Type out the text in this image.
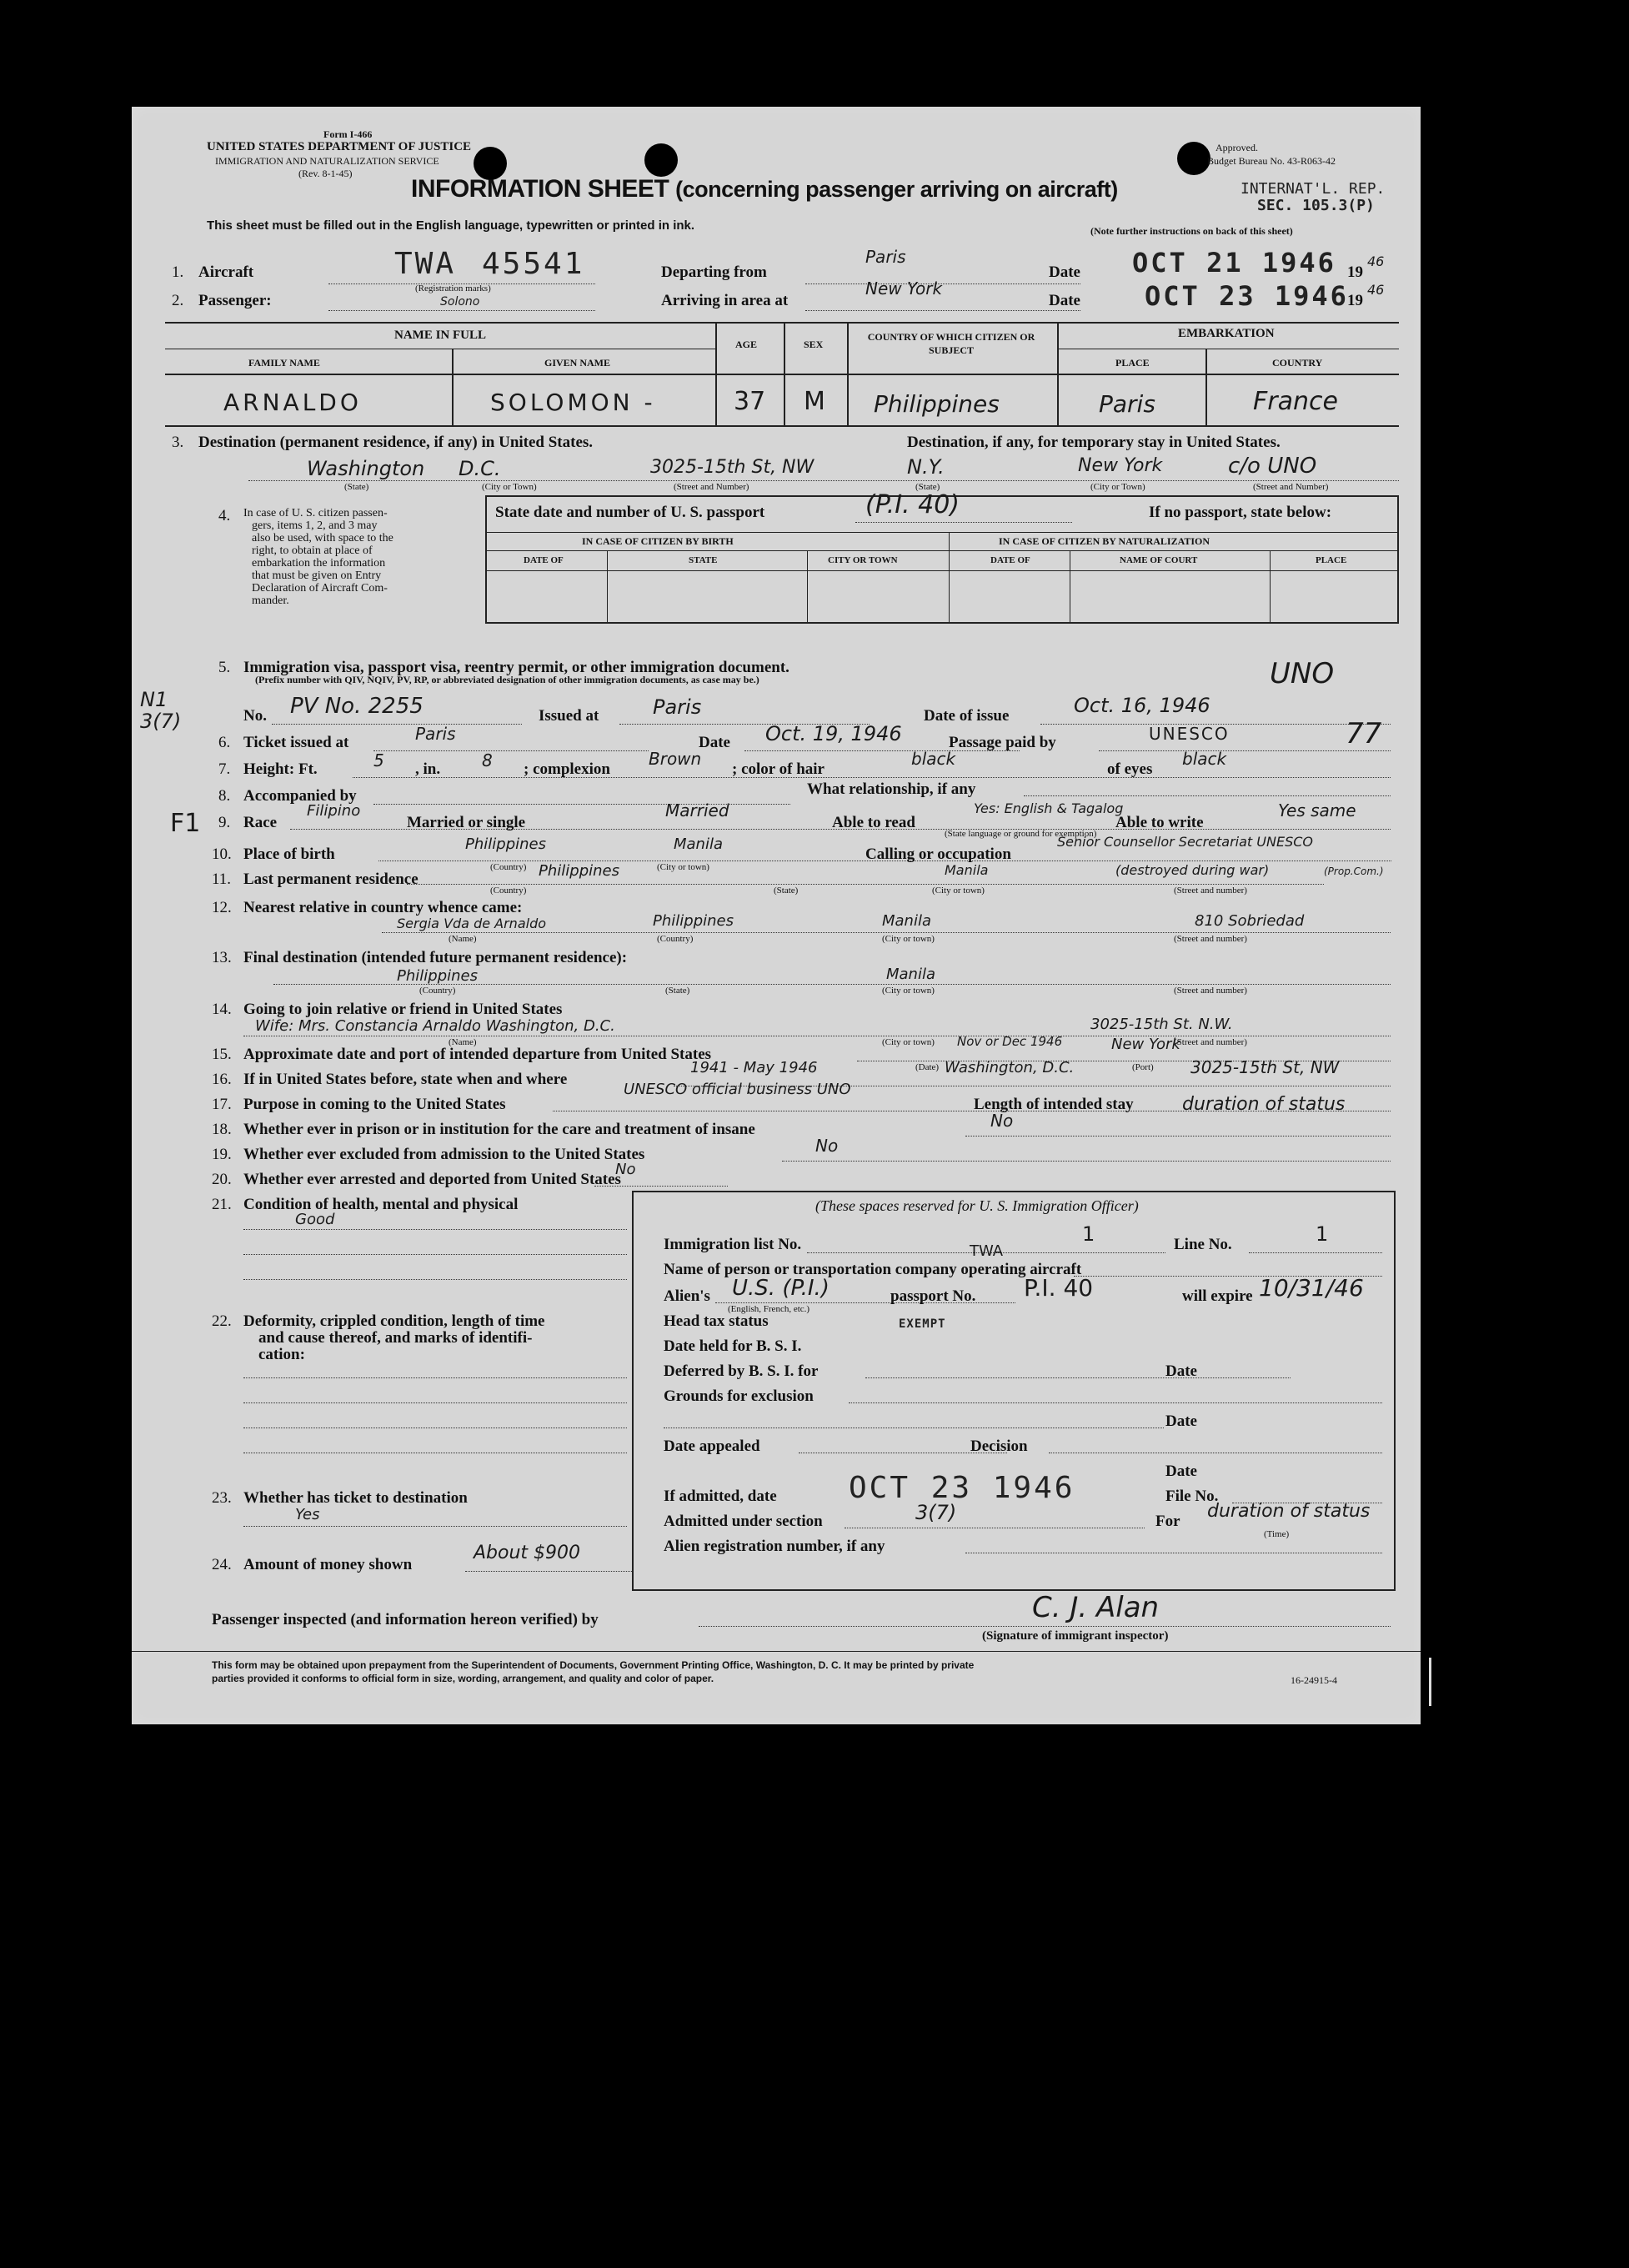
Form I-466
UNITED STATES DEPARTMENT OF JUSTICE
IMMIGRATION AND NATURALIZATION SERVICE
(Rev. 8-1-45)
Approved.
Budget Bureau No. 43-R063-42
INFORMATION SHEET (concerning passenger arriving on aircraft)	INTERNAT'L. REP.
SEC. 105.3(P)
This sheet must be filled out in the English language, typewritten or printed in ink.	(Note further instructions on back of this sheet)
1. Aircraft	TWA 45541
(Registration marks)
Departing from
Paris
Date OCT 21 1946 19
46
2. Passenger:	Solono	Arriving in area at
New York
Date OCT 23 1946
19
46
NAME IN FULL
FAMILY NAME	GIVEN NAME
AGE	SEX
COUNTRY OF WHICH CITIZEN OR SUBJECT
EMBARKATION
PLACE	COUNTRY
ARNALDO	SOLOMON -	37 M Philippines	Paris	France
3. Destination (permanent residence, if any) in United States.	Destination, if any, for temporary stay in United States.
Washington D.C.	3025-15th St, NW	N.Y.	New York	c/o UNO
(State)	(City or Town)	(Street and Number)	(State)	(City or Town)	(Street and Number)
4. In case of U. S. citizen passen-
gers, items 1, 2, and 3 may
also be used, with space to the
right, to obtain at place of
embarkation the information
that must be given on Entry
Declaration of Aircraft Com-
mander.
State date and number of U. S. passport	(P.I. 40)	If no passport, state below:
IN CASE OF CITIZEN BY BIRTH	IN CASE OF CITIZEN BY NATURALIZATION
DATE OF	STATE	CITY OR TOWN	DATE OF	NAME OF COURT	PLACE
5. Immigration visa, passport visa, reentry permit, or other immigration document.
(Prefix number with QIV, NQIV, PV, RP, or abbreviated designation of other immigration documents, as case may be.)	UNO
N1 3(7)	No. PV No. 2255	Issued at	Paris	Date of issue	Oct. 16, 1946
77
6. Ticket issued at	Paris	Date Oct. 19, 1946	Passage paid by	UNESCO
7. Height: Ft.	5 , in. 8 ; complexion
Brown
; color of hair
black
of eyes
black
8. Accompanied by	What relationship, if any
F1 9. Race
Filipino
Married or single
Married
Able to read
Yes: English & Tagalog
(State language or ground for exemption)
Able to write
Yes same
10. Place of birth
Philippines	Manila
Calling or occupation
Senior Counsellor Secretariat UNESCO
(Country)	(City or town)
11. Last permanent residence	Philippines	Manila	(destroyed during war)	(Prop.Com.)
(Country)	(State)	(City or town)	(Street and number)
12. Nearest relative in country whence came:
Sergia Vda de Arnaldo	Philippines	Manila	810 Sobriedad
(Name)	(Country)	(City or town)	(Street and number)
13. Final destination (intended future permanent residence):
Philippines	Manila
(Country)	(State)	(City or town)	(Street and number)
14. Going to join relative or friend in United States
Wife: Mrs. Constancia Arnaldo Washington, D.C.	3025-15th St. N.W.
(Name)	(City or town)	(Street and number)
15. Approximate date and port of intended departure from United States
Nov or Dec 1946	New York
(Date)	(Port)
16. If in United States before, state when and where
1941 - May 1946	Washington, D.C.	3025-15th St, NW
17. Purpose in coming to the United States
UNESCO official business UNO
Length of intended stay	duration of status
18. Whether ever in prison or in institution for the care and treatment of insane	No
19. Whether ever excluded from admission to the United States	No
20. Whether ever arrested and deported from United States
No
21. Condition of health, mental and physical
Good
22. Deformity, crippled condition, length of time
and cause thereof, and marks of identifi-
cation:
23. Whether has ticket to destination
Yes
24. Amount of money shown
About $900
(These spaces reserved for U. S. Immigration Officer)
Immigration list No.	1	Line No.	1
Name of person or transportation company operating aircraft
TWA
Alien's U.S. (P.I.)
(English, French, etc.)
passport No. P.I. 40	will expire 10/31/46
Head tax status	EXEMPT
Date held for B. S. I.
Deferred by B. S. I. for	Date
Grounds for exclusion
Date
Date appealed	Decision
Date
If admitted, date OCT 23 1946	File No.
Admitted under section	3(7)	For duration of status
(Time)
Alien registration number, if any
Passenger inspected (and information hereon verified) by	C. J. Alan
(Signature of immigrant inspector)
This form may be obtained upon prepayment from the Superintendent of Documents, Government Printing Office, Washington, D. C. It may be printed by private
parties provided it conforms to official form in size, wording, arrangement, and quality and color of paper.	16-24915-4
